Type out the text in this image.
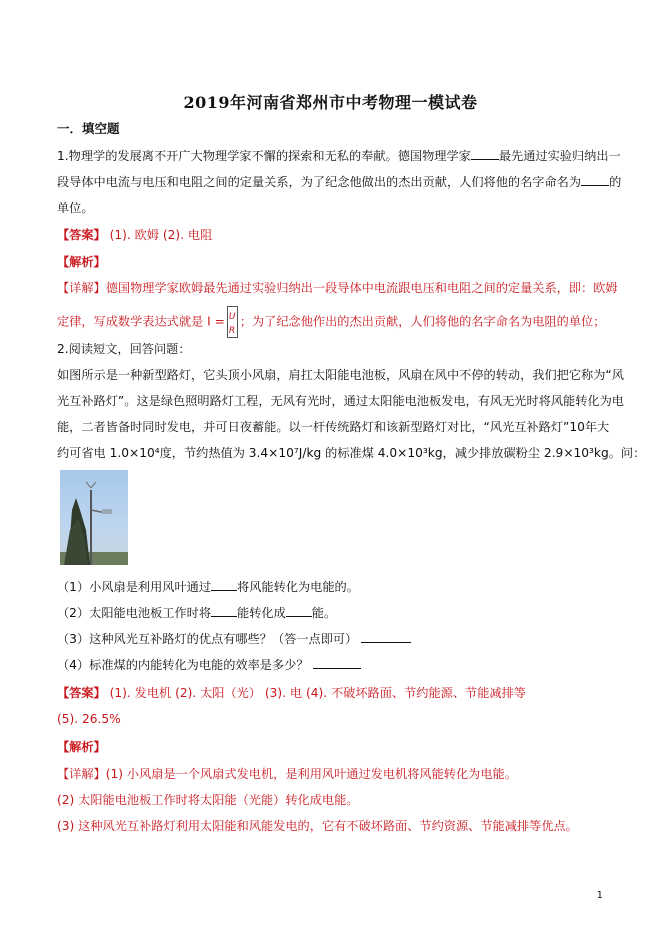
2019年河南省郑州市中考物理一模试卷
一．填空题
1.物理学的发展离不开广大物理学家不懈的探索和无私的奉献。德国物理学家 最先通过实验归纳出一
段导体中电流与电压和电阻之间的定量关系，为了纪念他做出的杰出贡献，人们将他的名字命名为 的
单位。
【答案】 (1). 欧姆 (2). 电阻
【解析】
【详解】德国物理学家欧姆最先通过实验归纳出一段导体中电流跟电压和电阻之间的定量关系，即：欧姆
定律，写成数学表达式就是 I = U
R
；为了纪念他作出的杰出贡献，人们将他的名字命名为电阻的单位；
2.阅读短文，回答问题：
如图所示是一种新型路灯，它头顶小风扇，肩扛太阳能电池板，风扇在风中不停的转动，我们把它称为“风
光互补路灯”。这是绿色照明路灯工程，无风有光时，通过太阳能电池板发电，有风无光时将风能转化为电
能，二者皆备时同时发电，并可日夜蓄能。以一杆传统路灯和该新型路灯对比，“风光互补路灯”10年大
约可省电 1.0×10⁴度，节约热值为 3.4×10⁷J/kg 的标准煤 4.0×10³kg，减少排放碳粉尘 2.9×10³kg。问：
（1）小风扇是利用风叶通过 将风能转化为电能的。
（2）太阳能电池板工作时将 能转化成 能。
（3）这种风光互补路灯的优点有哪些？（答一点即可）
（4）标准煤的内能转化为电能的效率是多少？
【答案】 (1). 发电机 (2). 太阳（光） (3). 电 (4). 不破坏路面、节约能源、节能减排等
(5). 26.5%
【解析】
【详解】(1) 小风扇是一个风扇式发电机，是利用风叶通过发电机将风能转化为电能。
(2) 太阳能电池板工作时将太阳能（光能）转化成电能。
(3) 这种风光互补路灯利用太阳能和风能发电的，它有不破坏路面、节约资源、节能减排等优点。
1
